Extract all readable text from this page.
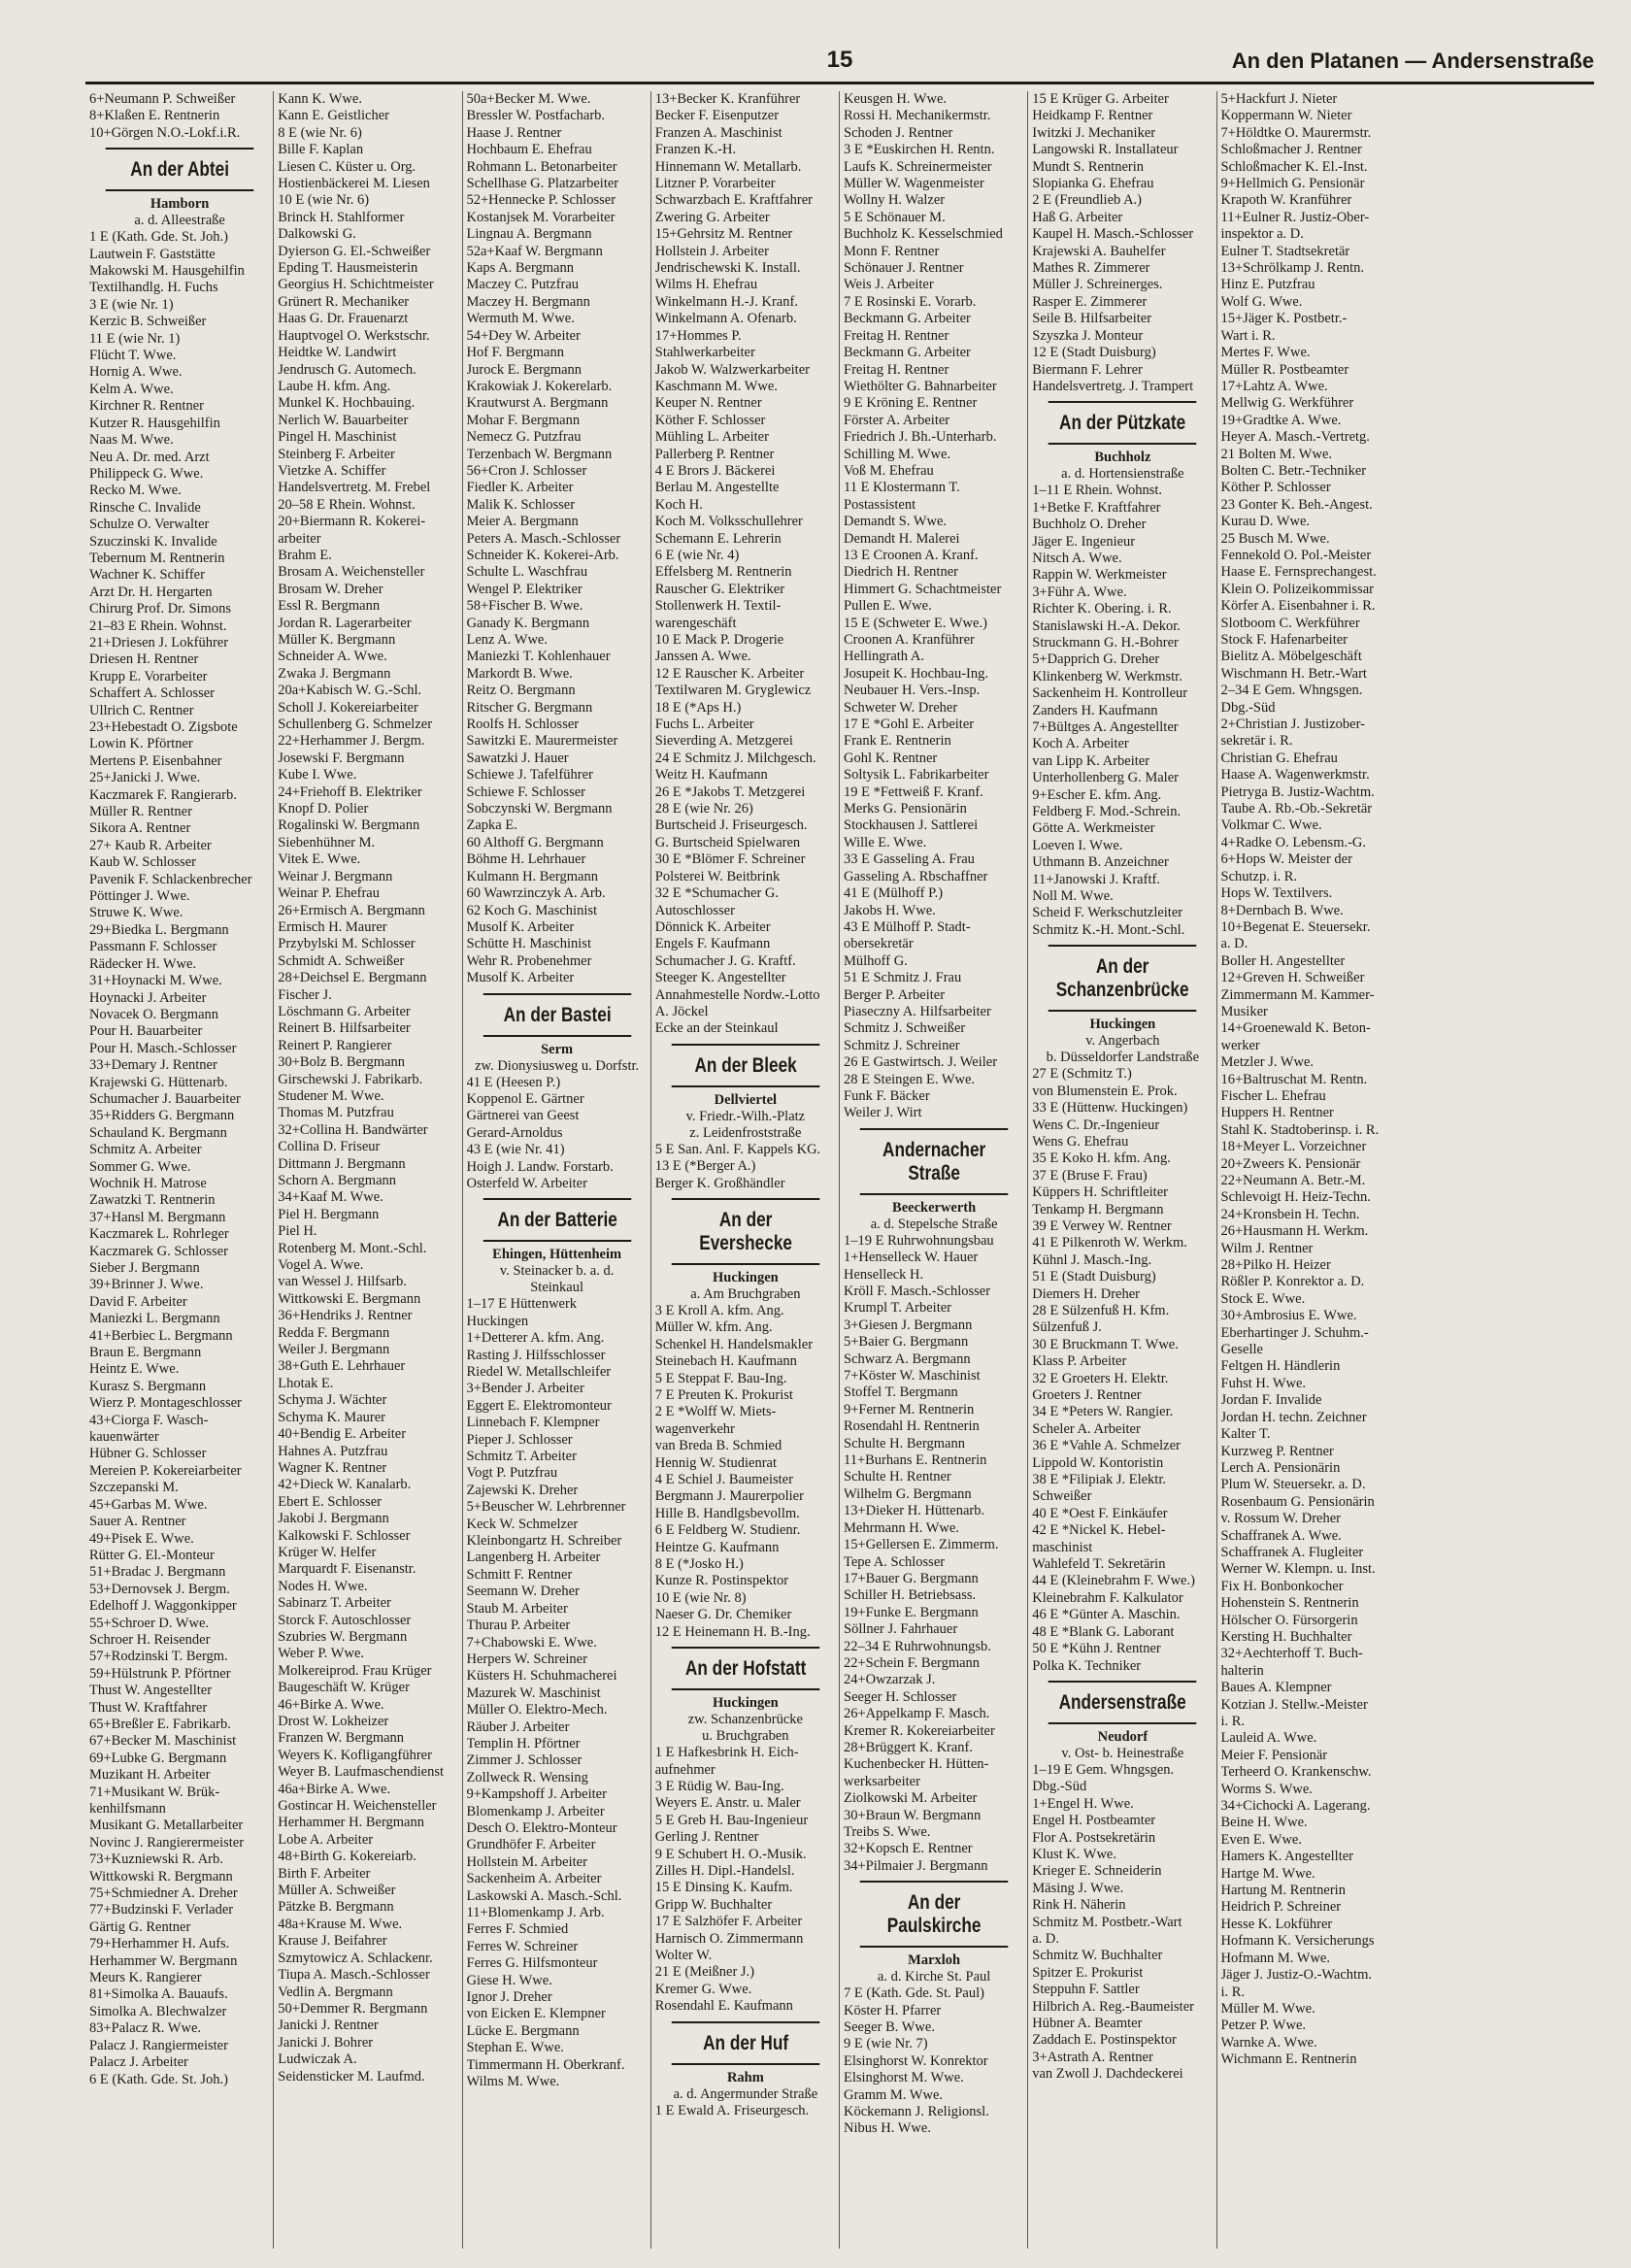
15	An den Platanen — Andersenstraße
6+Neumann P. Schweißer
8+Klaßen E. Rentnerin
10+Görgen N.O.-Lokf.i.R.
An der Abtei
Hamborn
a. d. Alleestraße
1 E (Kath. Gde. St. Joh.)
Lautwein F. Gaststätte
Makowski M. Hausgehilfin
Textilhandlg. H. Fuchs
3 E (wie Nr. 1)
Kerzic B. Schweißer
11 E (wie Nr. 1)
Flücht T. Wwe.
Hornig A. Wwe.
Kelm A. Wwe.
Kirchner R. Rentner
Kutzer R. Hausgehilfin
Naas M. Wwe.
Neu A. Dr. med. Arzt
Philippeck G. Wwe.
Recko M. Wwe.
Rinsche C. Invalide
Schulze O. Verwalter
Szuczinski K. Invalide
Tebernum M. Rentnerin
Wachner K. Schiffer
Arzt Dr. H. Hergarten
Chirurg Prof. Dr. Simons
21–83 E Rhein. Wohnst.
21+Driesen J. Lokführer
Driesen H. Rentner
Krupp E. Vorarbeiter
Schaffert A. Schlosser
Ullrich C. Rentner
23+Hebestadt O. Zigsbote
Lowin K. Pförtner
Mertens P. Eisenbahner
25+Janicki J. Wwe.
Kaczmarek F. Rangierarb.
Müller R. Rentner
Sikora A. Rentner
27+ Kaub R. Arbeiter
Kaub W. Schlosser
Pavenik F. Schlackenbrecher
Pöttinger J. Wwe.
Struwe K. Wwe.
29+Biedka L. Bergmann
Passmann F. Schlosser
Rädecker H. Wwe.
31+Hoynacki M. Wwe.
Hoynacki J. Arbeiter
Novacek O. Bergmann
Pour H. Bauarbeiter
Pour H. Masch.-Schlosser
33+Demary J. Rentner
Krajewski G. Hüttenarb.
Schumacher J. Bauarbeiter
35+Ridders G. Bergmann
Schauland K. Bergmann
Schmitz A. Arbeiter
Sommer G. Wwe.
Wochnik H. Matrose
Zawatzki T. Rentnerin
37+Hansl M. Bergmann
Kaczmarek L. Rohrleger
Kaczmarek G. Schlosser
Sieber J. Bergmann
39+Brinner J. Wwe.
David F. Arbeiter
Maniezki L. Bergmann
41+Berbiec L. Bergmann
Braun E. Bergmann
Heintz E. Wwe.
Kurasz S. Bergmann
Wierz P. Montageschlosser
43+Ciorga F. Wasch-
kauenwärter
Hübner G. Schlosser
Mereien P. Kokereiarbeiter
Szczepanski M.
45+Garbas M. Wwe.
Sauer A. Rentner
49+Pisek E. Wwe.
Rütter G. El.-Monteur
51+Bradac J. Bergmann
53+Dernovsek J. Bergm.
Edelhoff J. Waggonkipper
55+Schroer D. Wwe.
Schroer H. Reisender
57+Rodzinski T. Bergm.
59+Hülstrunk P. Pförtner
Thust W. Angestellter
Thust W. Kraftfahrer
65+Breßler E. Fabrikarb.
67+Becker M. Maschinist
69+Lubke G. Bergmann
Muzikant H. Arbeiter
71+Musikant W. Brük-
kenhilfsmann
Musikant G. Metallarbeiter
Novinc J. Rangierermeister
73+Kuzniewski R. Arb.
Wittkowski R. Bergmann
75+Schmiedner A. Dreher
77+Budzinski F. Verlader
Gärtig G. Rentner
79+Herhammer H. Aufs.
Herhammer W. Bergmann
Meurs K. Rangierer
81+Simolka A. Bauaufs.
Simolka A. Blechwalzer
83+Palacz R. Wwe.
Palacz J. Rangiermeister
Palacz J. Arbeiter
6 E (Kath. Gde. St. Joh.)
Kann K. Wwe.
Kann E. Geistlicher
8 E (wie Nr. 6)
Bille F. Kaplan
Liesen C. Küster u. Org.
Hostienbäckerei M. Liesen
10 E (wie Nr. 6)
Brinck H. Stahlformer
Dalkowski G.
Dyierson G. El.-Schweißer
Epding T. Hausmeisterin
Georgius H. Schichtmeister
Grünert R. Mechaniker
Haas G. Dr. Frauenarzt
Hauptvogel O. Werkstschr.
Heidtke W. Landwirt
Jendrusch G. Automech.
Laube H. kfm. Ang.
Munkel K. Hochbauing.
Nerlich W. Bauarbeiter
Pingel H. Maschinist
Steinberg F. Arbeiter
Vietzke A. Schiffer
Handelsvertretg. M. Frebel
20–58 E Rhein. Wohnst.
20+Biermann R. Kokerei-
arbeiter
Brahm E.
Brosam A. Weichensteller
Brosam W. Dreher
Essl R. Bergmann
Jordan R. Lagerarbeiter
Müller K. Bergmann
Schneider A. Wwe.
Zwaka J. Bergmann
20a+Kabisch W. G.-Schl.
Scholl J. Kokereiarbeiter
Schullenberg G. Schmelzer
22+Herhammer J. Bergm.
Josewski F. Bergmann
Kube I. Wwe.
24+Friehoff B. Elektriker
Knopf D. Polier
Rogalinski W. Bergmann
Siebenhühner M.
Vitek E. Wwe.
Weinar J. Bergmann
Weinar P. Ehefrau
26+Ermisch A. Bergmann
Ermisch H. Maurer
Przybylski M. Schlosser
Schmidt A. Schweißer
28+Deichsel E. Bergmann
Fischer J.
Löschmann G. Arbeiter
Reinert B. Hilfsarbeiter
Reinert P. Rangierer
30+Bolz B. Bergmann
Girschewski J. Fabrikarb.
Studener M. Wwe.
Thomas M. Putzfrau
32+Collina H. Bandwärter
Collina D. Friseur
Dittmann J. Bergmann
Schorn A. Bergmann
34+Kaaf M. Wwe.
Piel H. Bergmann
Piel H.
Rotenberg M. Mont.-Schl.
Vogel A. Wwe.
van Wessel J. Hilfsarb.
Wittkowski E. Bergmann
36+Hendriks J. Rentner
Redda F. Bergmann
Weiler J. Bergmann
38+Guth E. Lehrhauer
Lhotak E.
Schyma J. Wächter
Schyma K. Maurer
40+Bendig E. Arbeiter
Hahnes A. Putzfrau
Wagner K. Rentner
42+Dieck W. Kanalarb.
Ebert E. Schlosser
Jakobi J. Bergmann
Kalkowski F. Schlosser
Krüger W. Helfer
Marquardt F. Eisenanstr.
Nodes H. Wwe.
Sabinarz T. Arbeiter
Storck F. Autoschlosser
Szubries W. Bergmann
Weber P. Wwe.
Molkereiprod. Frau Krüger
Baugeschäft W. Krüger
46+Birke A. Wwe.
Drost W. Lokheizer
Franzen W. Bergmann
Weyers K. Kofligangführer
Weyer B. Laufmaschendienst
46a+Birke A. Wwe.
Gostincar H. Weichensteller
Herhammer H. Bergmann
Lobe A. Arbeiter
48+Birth G. Kokereiarb.
Birth F. Arbeiter
Müller A. Schweißer
Pätzke B. Bergmann
48a+Krause M. Wwe.
Krause J. Beifahrer
Szmytowicz A. Schlackenr.
Tiupa A. Masch.-Schlosser
Vedlin A. Bergmann
50+Demmer R. Bergmann
Janicki J. Rentner
Janicki J. Bohrer
Ludwiczak A.
Seidensticker M. Laufmd.
50a+Becker M. Wwe.
Bressler W. Postfacharb.
Haase J. Rentner
Hochbaum E. Ehefrau
Rohmann L. Betonarbeiter
Schellhase G. Platzarbeiter
52+Hennecke P. Schlosser
Kostanjsek M. Vorarbeiter
Lingnau A. Bergmann
52a+Kaaf W. Bergmann
Kaps A. Bergmann
Maczey C. Putzfrau
Maczey H. Bergmann
Wermuth M. Wwe.
54+Dey W. Arbeiter
Hof F. Bergmann
Jurock E. Bergmann
Krakowiak J. Kokerelarb.
Krautwurst A. Bergmann
Mohar F. Bergmann
Nemecz G. Putzfrau
Terzenbach W. Bergmann
56+Cron J. Schlosser
Fiedler K. Arbeiter
Malik K. Schlosser
Meier A. Bergmann
Peters A. Masch.-Schlosser
Schneider K. Kokerei-Arb.
Schulte L. Waschfrau
Wengel P. Elektriker
58+Fischer B. Wwe.
Ganady K. Bergmann
Lenz A. Wwe.
Maniezki T. Kohlenhauer
Markordt B. Wwe.
Reitz O. Bergmann
Ritscher G. Bergmann
Roolfs H. Schlosser
Sawitzki E. Maurermeister
Sawatzki J. Hauer
Schiewe J. Tafelführer
Schiewe F. Schlosser
Sobczynski W. Bergmann
Zapka E.
60 Althoff G. Bergmann
Böhme H. Lehrhauer
Kulmann H. Bergmann
60 Wawrzinczyk A. Arb.
62 Koch G. Maschinist
Musolf K. Arbeiter
Schütte H. Maschinist
Wehr R. Probenehmer
Musolf K. Arbeiter
An der Bastei
Serm
zw. Dionysiusweg u. Dorfstr.
41 E (Heesen P.)
Koppenol E. Gärtner
Gärtnerei van Geest
Gerard-Arnoldus
43 E (wie Nr. 41)
Hoigh J. Landw. Forstarb.
Osterfeld W. Arbeiter
An der Batterie
Ehingen, Hüttenheim
v. Steinacker b. a. d.
Steinkaul
1–17 E Hüttenwerk
Huckingen
1+Detterer A. kfm. Ang.
Rasting J. Hilfsschlosser
Riedel W. Metallschleifer
3+Bender J. Arbeiter
Eggert E. Elektromonteur
Linnebach F. Klempner
Pieper J. Schlosser
Schmitz T. Arbeiter
Vogt P. Putzfrau
Zajewski K. Dreher
5+Beuscher W. Lehrbrenner
Keck W. Schmelzer
Kleinbongartz H. Schreiber
Langenberg H. Arbeiter
Schmitt F. Rentner
Seemann W. Dreher
Staub M. Arbeiter
Thurau P. Arbeiter
7+Chabowski E. Wwe.
Herpers W. Schreiner
Küsters H. Schuhmacherei
Mazurek W. Maschinist
Müller O. Elektro-Mech.
Räuber J. Arbeiter
Templin H. Pförtner
Zimmer J. Schlosser
Zollweck R. Wensing
9+Kampshoff J. Arbeiter
Blomenkamp J. Arbeiter
Desch O. Elektro-Monteur
Grundhöfer F. Arbeiter
Hollstein M. Arbeiter
Sackenheim A. Arbeiter
Laskowski A. Masch.-Schl.
11+Blomenkamp J. Arb.
Ferres F. Schmied
Ferres W. Schreiner
Ferres G. Hilfsmonteur
Giese H. Wwe.
Ignor J. Dreher
von Eicken E. Klempner
Lücke E. Bergmann
Stephan E. Wwe.
Timmermann H. Oberkranf.
Wilms M. Wwe.
13+Becker K. Kranführer
Becker F. Eisenputzer
Franzen A. Maschinist
Franzen K.-H.
Hinnemann W. Metallarb.
Litzner P. Vorarbeiter
Schwarzbach E. Kraftfahrer
Zwering G. Arbeiter
15+Gehrsitz M. Rentner
Hollstein J. Arbeiter
Jendrischewski K. Install.
Wilms H. Ehefrau
Winkelmann H.-J. Kranf.
Winkelmann A. Ofenarb.
17+Hommes P.
Stahlwerkarbeiter
Jakob W. Walzwerkarbeiter
Kaschmann M. Wwe.
Keuper N. Rentner
Köther F. Schlosser
Mühling L. Arbeiter
Pallerberg P. Rentner
4 E Brors J. Bäckerei
Berlau M. Angestellte
Koch H.
Koch M. Volksschullehrer
Schemann E. Lehrerin
6 E (wie Nr. 4)
Effelsberg M. Rentnerin
Rauscher G. Elektriker
Stollenwerk H. Textil-
warengeschäft
10 E Mack P. Drogerie
Janssen A. Wwe.
12 E Rauscher K. Arbeiter
Textilwaren M. Gryglewicz
18 E (*Aps H.)
Fuchs L. Arbeiter
Sieverding A. Metzgerei
24 E Schmitz J. Milchgesch.
Weitz H. Kaufmann
26 E *Jakobs T. Metzgerei
28 E (wie Nr. 26)
Burtscheid J. Friseurgesch.
G. Burtscheid Spielwaren
30 E *Blömer F. Schreiner
Polsterei W. Beitbrink
32 E *Schumacher G.
Autoschlosser
Dönnick K. Arbeiter
Engels F. Kaufmann
Schumacher J. G. Kraftf.
Steeger K. Angestellter
Annahmestelle Nordw.-Lotto
A. Jöckel
Ecke an der Steinkaul
An der Bleek
Dellviertel
v. Friedr.-Wilh.-Platz
z. Leidenfroststraße
5 E San. Anl. F. Kappels KG.
13 E (*Berger A.)
Berger K. Großhändler
An der Eversheckе
Huckingen
a. Am Bruchgraben
3 E Kroll A. kfm. Ang.
Müller W. kfm. Ang.
Schenkel H. Handelsmakler
Steinebach H. Kaufmann
5 E Steppat F. Bau-Ing.
7 E Preuten K. Prokurist
2 E *Wolff W. Miets-
wagenverkehr
van Breda B. Schmied
Hennig W. Studienrat
4 E Schiel J. Baumeister
Bergmann J. Maurerpolier
Hille B. Handlgsbevollm.
6 E Feldberg W. Studienr.
Heintze G. Kaufmann
8 E (*Josko H.)
Kunze R. Postinspektor
10 E (wie Nr. 8)
Naeser G. Dr. Chemiker
12 E Heinemann H. B.-Ing.
An der Hofstatt
Huckingen
zw. Schanzenbrücke
u. Bruchgraben
1 E Hafkesbrink H. Eich-
aufnehmer
3 E Rüdig W. Bau-Ing.
Weyers E. Anstr. u. Maler
5 E Greb H. Bau-Ingenieur
Gerling J. Rentner
9 E Schubert H. O.-Musik.
Zilles H. Dipl.-Handelsl.
15 E Dinsing K. Kaufm.
Gripp W. Buchhalter
17 E Salzhöfer F. Arbeiter
Harnisch O. Zimmermann
Wolter W.
21 E (Meißner J.)
Kremer G. Wwe.
Rosendahl E. Kaufmann
An der Huf
Rahm
a. d. Angermunder Straße
1 E Ewald A. Friseurgesch.
Keusgen H. Wwe.
Rossi H. Mechanikermstr.
Schoden J. Rentner
3 E *Euskirchen H. Rentn.
Laufs K. Schreinermeister
Müller W. Wagenmeister
Wollny H. Walzer
5 E Schönauer M.
Buchholz K. Kesselschmied
Monn F. Rentner
Schönauer J. Rentner
Weis J. Arbeiter
7 E Rosinski E. Vorarb.
Beckmann G. Arbeiter
Freitag H. Rentner
Beckmann G. Arbeiter
Freitag H. Rentner
Wiethölter G. Bahnarbeiter
9 E Kröning E. Rentner
Förster A. Arbeiter
Friedrich J. Bh.-Unterharb.
Schilling M. Wwe.
Voß M. Ehefrau
11 E Klostermann T.
Postassistent
Demandt S. Wwe.
Demandt H. Malerei
13 E Croonen A. Kranf.
Diedrich H. Rentner
Himmert G. Schachtmeister
Pullen E. Wwe.
15 E (Schweter E. Wwe.)
Croonen A. Kranführer
Hellingrath A.
Josupeit K. Hochbau-Ing.
Neubauer H. Vers.-Insp.
Schweter W. Dreher
17 E *Gohl E. Arbeiter
Frank E. Rentnerin
Gohl K. Rentner
Soltysik L. Fabrikarbeiter
19 E *Fettweiß F. Kranf.
Merks G. Pensionärin
Stockhausen J. Sattlerei
Wille E. Wwe.
33 E Gasseling A. Frau
Gasseling A. Rbschaffner
41 E (Mülhoff P.)
Jakobs H. Wwe.
43 E Mülhoff P. Stadt-
obersekretär
Mülhoff G.
51 E Schmitz J. Frau
Berger P. Arbeiter
Piaseczny A. Hilfsarbeiter
Schmitz J. Schweißer
Schmitz J. Schreiner
26 E Gastwirtsch. J. Weiler
28 E Steingen E. Wwe.
Funk F. Bäcker
Weiler J. Wirt
Andernacher Straße
Beeckerwerth
a. d. Stepelsche Straße
1–19 E Ruhrwohnungsbau
1+Henselleck W. Hauer
Henselleck H.
Kröll F. Masch.-Schlosser
Krumpl T. Arbeiter
3+Giesen J. Bergmann
5+Baier G. Bergmann
Schwarz A. Bergmann
7+Köster W. Maschinist
Stoffel T. Bergmann
9+Ferner M. Rentnerin
Rosendahl H. Rentnerin
Schulte H. Bergmann
11+Burhans E. Rentnerin
Schulte H. Rentner
Wilhelm G. Bergmann
13+Dieker H. Hüttenarb.
Mehrmann H. Wwe.
15+Gellersen E. Zimmerm.
Tepe A. Schlosser
17+Bauer G. Bergmann
Schiller H. Betriebsass.
19+Funke E. Bergmann
Söllner J. Fahrhauer
22–34 E Ruhrwohnungsb.
22+Schein F. Bergmann
24+Owzarzak J.
Seeger H. Schlosser
26+Appelkamp F. Masch.
Kremer R. Kokereiarbeiter
28+Brüggert K. Kranf.
Kuchenbecker H. Hütten-
werksarbeiter
Ziolkowski M. Arbeiter
30+Braun W. Bergmann
Treibs S. Wwe.
32+Kopsch E. Rentner
34+Pilmaier J. Bergmann
An der Paulskirche
Marxloh
a. d. Kirche St. Paul
7 E (Kath. Gde. St. Paul)
Köster H. Pfarrer
Seeger B. Wwe.
9 E (wie Nr. 7)
Elsinghorst W. Konrektor
Elsinghorst M. Wwe.
Gramm M. Wwe.
Köckemann J. Religionsl.
Nibus H. Wwe.
15 E Krüger G. Arbeiter
Heidkamp F. Rentner
Iwitzki J. Mechaniker
Langowski R. Installateur
Mundt S. Rentnerin
Slopianka G. Ehefrau
2 E (Freundlieb A.)
Haß G. Arbeiter
Kaupel H. Masch.-Schlosser
Krajewski A. Bauhelfer
Mathes R. Zimmerer
Müller J. Schreinerges.
Rasper E. Zimmerer
Seile B. Hilfsarbeiter
Szyszka J. Monteur
12 E (Stadt Duisburg)
Biermann F. Lehrer
Handelsvertretg. J. Trampert
An der Pützkate
Buchholz
a. d. Hortensienstraße
1–11 E Rhein. Wohnst.
1+Betke F. Kraftfahrer
Buchholz O. Dreher
Jäger E. Ingenieur
Nitsch A. Wwe.
Rappin W. Werkmeister
3+Führ A. Wwe.
Richter K. Obering. i. R.
Stanislawski H.-A. Dekor.
Struckmann G. H.-Bohrer
5+Dapprich G. Dreher
Klinkenberg W. Werkmstr.
Sackenheim H. Kontrolleur
Zanders H. Kaufmann
7+Bültges A. Angestellter
Koch A. Arbeiter
van Lipp K. Arbeiter
Unterhollenberg G. Maler
9+Escher E. kfm. Ang.
Feldberg F. Mod.-Schrein.
Götte A. Werkmeister
Loeven I. Wwe.
Uthmann B. Anzeichner
11+Janowski J. Kraftf.
Noll M. Wwe.
Scheid F. Werkschutzleiter
Schmitz K.-H. Mont.-Schl.
An der Schanzenbrücke
Huckingen
v. Angerbach
b. Düsseldorfer Landstraße
27 E (Schmitz T.)
von Blumenstein E. Prok.
33 E (Hüttenw. Huckingen)
Wens C. Dr.-Ingenieur
Wens G. Ehefrau
35 E Koko H. kfm. Ang.
37 E (Bruse F. Frau)
Küppers H. Schriftleiter
Tenkamp H. Bergmann
39 E Verwey W. Rentner
41 E Pilkenroth W. Werkm.
Kühnl J. Masch.-Ing.
51 E (Stadt Duisburg)
Diemers H. Dreher
28 E Sülzenfuß H. Kfm.
Sülzenfuß J.
30 E Bruckmann T. Wwe.
Klass P. Arbeiter
32 E Groeters H. Elektr.
Groeters J. Rentner
34 E *Peters W. Rangier.
Scheler A. Arbeiter
36 E *Vahle A. Schmelzer
Lippold W. Kontoristin
38 E *Filipiak J. Elektr.
Schweißer
40 E *Oest F. Einkäufer
42 E *Nickel K. Hebel-
maschinist
Wahlefeld T. Sekretärin
44 E (Kleinebrahm F. Wwe.)
Kleinebrahm F. Kalkulator
46 E *Günter A. Maschin.
48 E *Blank G. Laborant
50 E *Kühn J. Rentner
Polka K. Techniker
Andersenstraße
Neudorf
v. Ost- b. Heinestraße
1–19 E Gem. Whngsgen.
Dbg.-Süd
1+Engel H. Wwe.
Engel H. Postbeamter
Flor A. Postsekretärin
Klust K. Wwe.
Krieger E. Schneiderin
Mäsing J. Wwe.
Rink H. Näherin
Schmitz M. Postbetr.-Wart
a. D.
Schmitz W. Buchhalter
Spitzer E. Prokurist
Steppuhn F. Sattler
Hilbrich A. Reg.-Baumeister
Hübner A. Beamter
Zaddach E. Postinspektor
3+Astrath A. Rentner
van Zwoll J. Dachdeckerei
5+Hackfurt J. Nieter
Koppermann W. Nieter
7+Höldtke O. Maurermstr.
Schloßmacher J. Rentner
Schloßmacher K. El.-Inst.
9+Hellmich G. Pensionär
Krapoth W. Kranführer
11+Eulner R. Justiz-Ober-
inspektor a. D.
Eulner T. Stadtsekretär
13+Schrölkamp J. Rentn.
Hinz E. Putzfrau
Wolf G. Wwe.
15+Jäger K. Postbetr.-
Wart i. R.
Mertes F. Wwe.
Müller R. Postbeamter
17+Lahtz A. Wwe.
Mellwig G. Werkführer
19+Gradtke A. Wwe.
Heyer A. Masch.-Vertretg.
21 Bolten M. Wwe.
Bolten C. Betr.-Techniker
Köther P. Schlosser
23 Gonter K. Beh.-Angest.
Kurau D. Wwe.
25 Busch M. Wwe.
Fennekold O. Pol.-Meister
Haase E. Fernsprechangest.
Klein O. Polizeikommissar
Körfer A. Eisenbahner i. R.
Slotboom C. Werkführer
Stock F. Hafenarbeiter
Bielitz A. Möbelgeschäft
Wischmann H. Betr.-Wart
2–34 E Gem. Whngsgen.
Dbg.-Süd
2+Christian J. Justizober-
sekretär i. R.
Christian G. Ehefrau
Haase A. Wagenwerkmstr.
Pietryga B. Justiz-Wachtm.
Taube A. Rb.-Ob.-Sekretär
Volkmar C. Wwe.
4+Radke O. Lebensm.-G.
6+Hops W. Meister der
Schutzp. i. R.
Hops W. Textilvers.
8+Dernbach B. Wwe.
10+Begenat E. Steuersekr.
a. D.
Boller H. Angestellter
12+Greven H. Schweißer
Zimmermann M. Kammer-
Musiker
14+Groenewald K. Beton-
werker
Metzler J. Wwe.
16+Baltruschat M. Rentn.
Fischer L. Ehefrau
Huppers H. Rentner
Stahl K. Stadtoberinsp. i. R.
18+Meyer L. Vorzeichner
20+Zweers K. Pensionär
22+Neumann A. Betr.-M.
Schlevoigt H. Heiz-Techn.
24+Kronsbein H. Techn.
26+Hausmann H. Werkm.
Wilm J. Rentner
28+Pilko H. Heizer
Rößler P. Konrektor a. D.
Stock E. Wwe.
30+Ambrosius E. Wwe.
Eberhartinger J. Schuhm.-
Geselle
Feltgen H. Händlerin
Fuhst H. Wwe.
Jordan F. Invalide
Jordan H. techn. Zeichner
Kalter T.
Kurzweg P. Rentner
Lerch A. Pensionärin
Plum W. Steuersekr. a. D.
Rosenbaum G. Pensionärin
v. Rossum W. Dreher
Schaffranek A. Wwe.
Schaffranek A. Flugleiter
Werner W. Klempn. u. Inst.
Fix H. Bonbonkocher
Hohenstein S. Rentnerin
Hölscher O. Fürsorgerin
Kersting H. Buchhalter
32+Aechterhoff T. Buch-
halterin
Baues A. Klempner
Kotzian J. Stellw.-Meister
i. R.
Lauleid A. Wwe.
Meier F. Pensionär
Terheerd O. Krankenschw.
Worms S. Wwe.
34+Cichocki A. Lagerang.
Beine H. Wwe.
Even E. Wwe.
Hamers K. Angestellter
Hartge M. Wwe.
Hartung M. Rentnerin
Heidrich P. Schreiner
Hesse K. Lokführer
Hofmann K. Versicherungs
Hofmann M. Wwe.
Jäger J. Justiz-O.-Wachtm.
i. R.
Müller M. Wwe.
Petzer P. Wwe.
Warnke A. Wwe.
Wichmann E. Rentnerin
